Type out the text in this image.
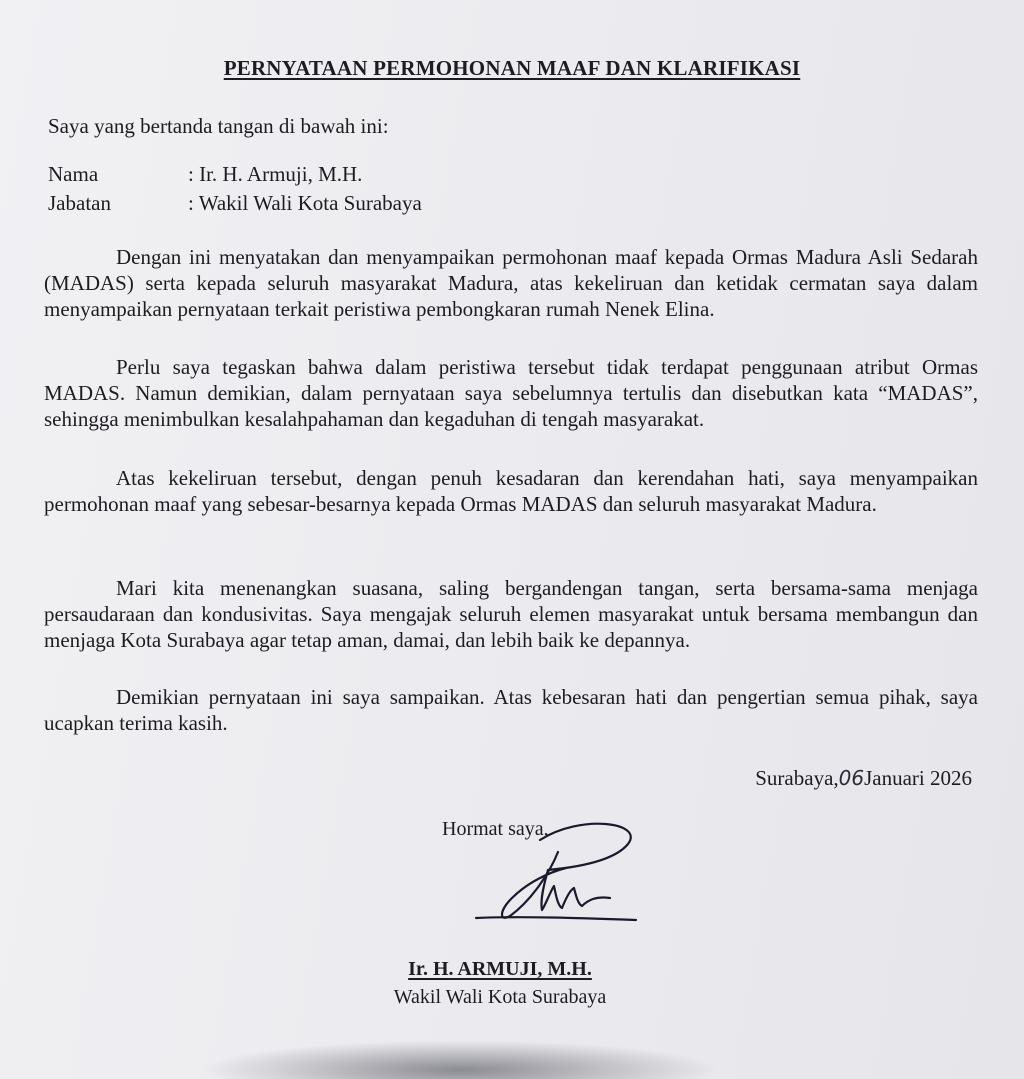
PERNYATAAN PERMOHONAN MAAF DAN KLARIFIKASI
Saya yang bertanda tangan di bawah ini:
Nama	: Ir. H. Armuji, M.H.
Jabatan	: Wakil Wali Kota Surabaya

Dengan ini menyatakan dan menyampaikan permohonan maaf kepada Ormas Madura Asli Sedarah (MADAS) serta kepada seluruh masyarakat Madura, atas kekeliruan dan ketidak cermatan saya dalam menyampaikan pernyataan terkait peristiwa pembongkaran rumah Nenek Elina.

Perlu saya tegaskan bahwa dalam peristiwa tersebut tidak terdapat penggunaan atribut Ormas MADAS. Namun demikian, dalam pernyataan saya sebelumnya tertulis dan disebutkan kata “MADAS”, sehingga menimbulkan kesalahpahaman dan kegaduhan di tengah masyarakat.

Atas kekeliruan tersebut, dengan penuh kesadaran dan kerendahan hati, saya menyampaikan permohonan maaf yang sebesar-besarnya kepada Ormas MADAS dan seluruh masyarakat Madura.

Mari kita menenangkan suasana, saling bergandengan tangan, serta bersama-sama menjaga persaudaraan dan kondusivitas. Saya mengajak seluruh elemen masyarakat untuk bersama membangun dan menjaga Kota Surabaya agar tetap aman, damai, dan lebih baik ke depannya.

Demikian pernyataan ini saya sampaikan. Atas kebesaran hati dan pengertian semua pihak, saya ucapkan terima kasih.

Surabaya,06Januari 2026
Hormat saya,
Ir. H. ARMUJI, M.H.
Wakil Wali Kota Surabaya
